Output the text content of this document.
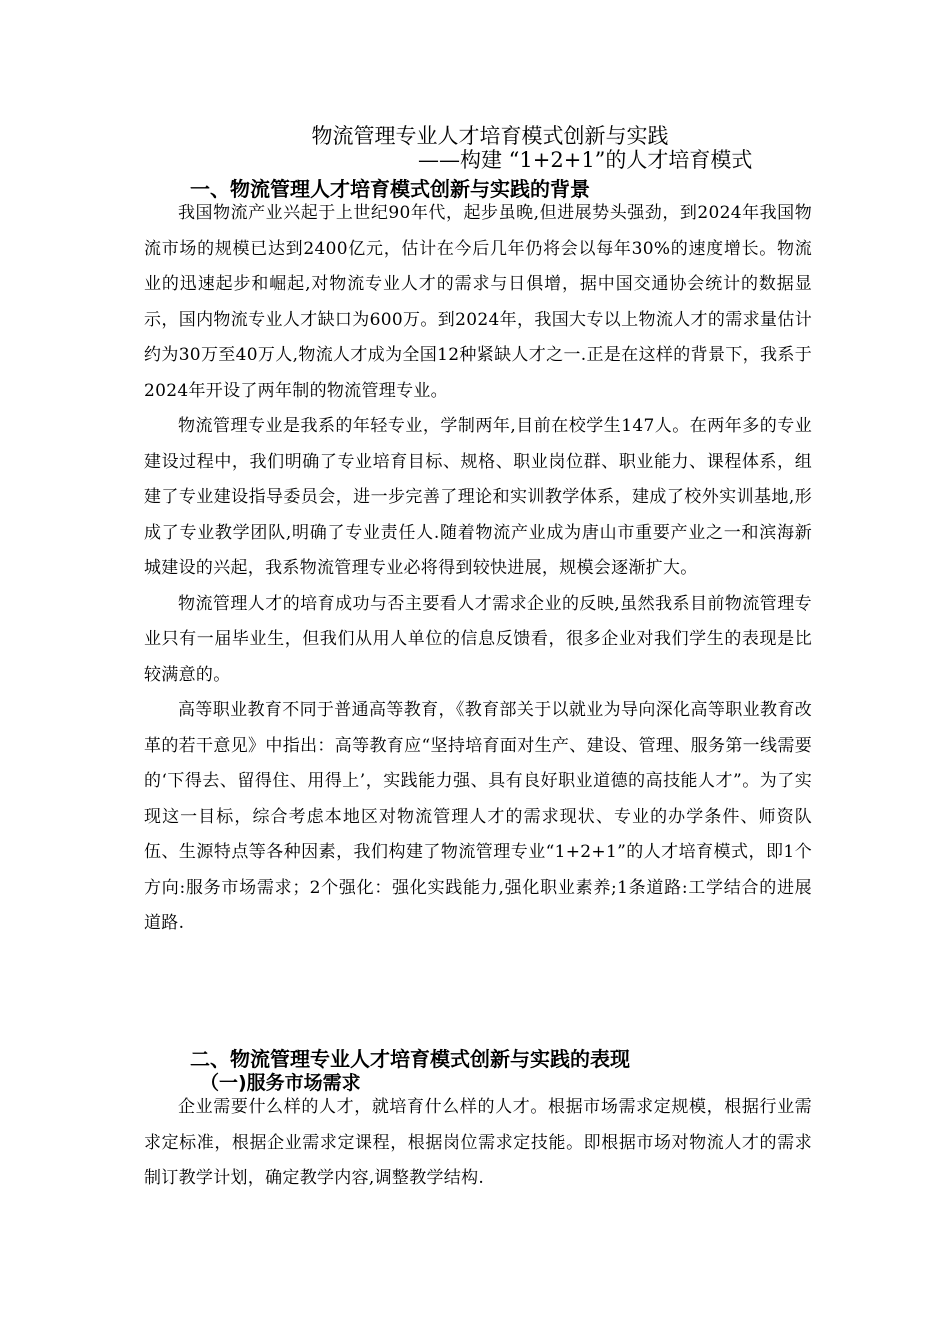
物流管理专业人才培育模式创新与实践
——构建 “1+2+1”的人才培育模式
一、物流管理人才培育模式创新与实践的背景

我国物流产业兴起于上世纪90年代，起步虽晚,但进展势头强劲，到2024年我国物流市场的规模已达到2400亿元，估计在今后几年仍将会以每年30%的速度增长。物流业的迅速起步和崛起,对物流专业人才的需求与日俱增，据中国交通协会统计的数据显示，国内物流专业人才缺口为600万。到2024年，我国大专以上物流人才的需求量估计约为30万至40万人,物流人才成为全国12种紧缺人才之一.正是在这样的背景下，我系于2024年开设了两年制的物流管理专业。

物流管理专业是我系的年轻专业，学制两年,目前在校学生147人。在两年多的专业建设过程中，我们明确了专业培育目标、规格、职业岗位群、职业能力、课程体系，组建了专业建设指导委员会，进一步完善了理论和实训教学体系，建成了校外实训基地,形成了专业教学团队,明确了专业责任人.随着物流产业成为唐山市重要产业之一和滨海新城建设的兴起，我系物流管理专业必将得到较快进展，规模会逐渐扩大。

物流管理人才的培育成功与否主要看人才需求企业的反映,虽然我系目前物流管理专业只有一届毕业生，但我们从用人单位的信息反馈看，很多企业对我们学生的表现是比较满意的。

高等职业教育不同于普通高等教育，《教育部关于以就业为导向深化高等职业教育改革的若干意见》中指出：高等教育应“坚持培育面对生产、建设、管理、服务第一线需要的‘下得去、留得住、用得上’，实践能力强、具有良好职业道德的高技能人才”。为了实现这一目标，综合考虑本地区对物流管理人才的需求现状、专业的办学条件、师资队伍、生源特点等各种因素，我们构建了物流管理专业“1+2+1”的人才培育模式，即1个方向:服务市场需求；2个强化：强化实践能力,强化职业素养;1条道路:工学结合的进展道路.

二、物流管理专业人才培育模式创新与实践的表现
（一)服务市场需求

企业需要什么样的人才，就培育什么样的人才。根据市场需求定规模，根据行业需求定标准，根据企业需求定课程，根据岗位需求定技能。即根据市场对物流人才的需求制订教学计划，确定教学内容,调整教学结构.
